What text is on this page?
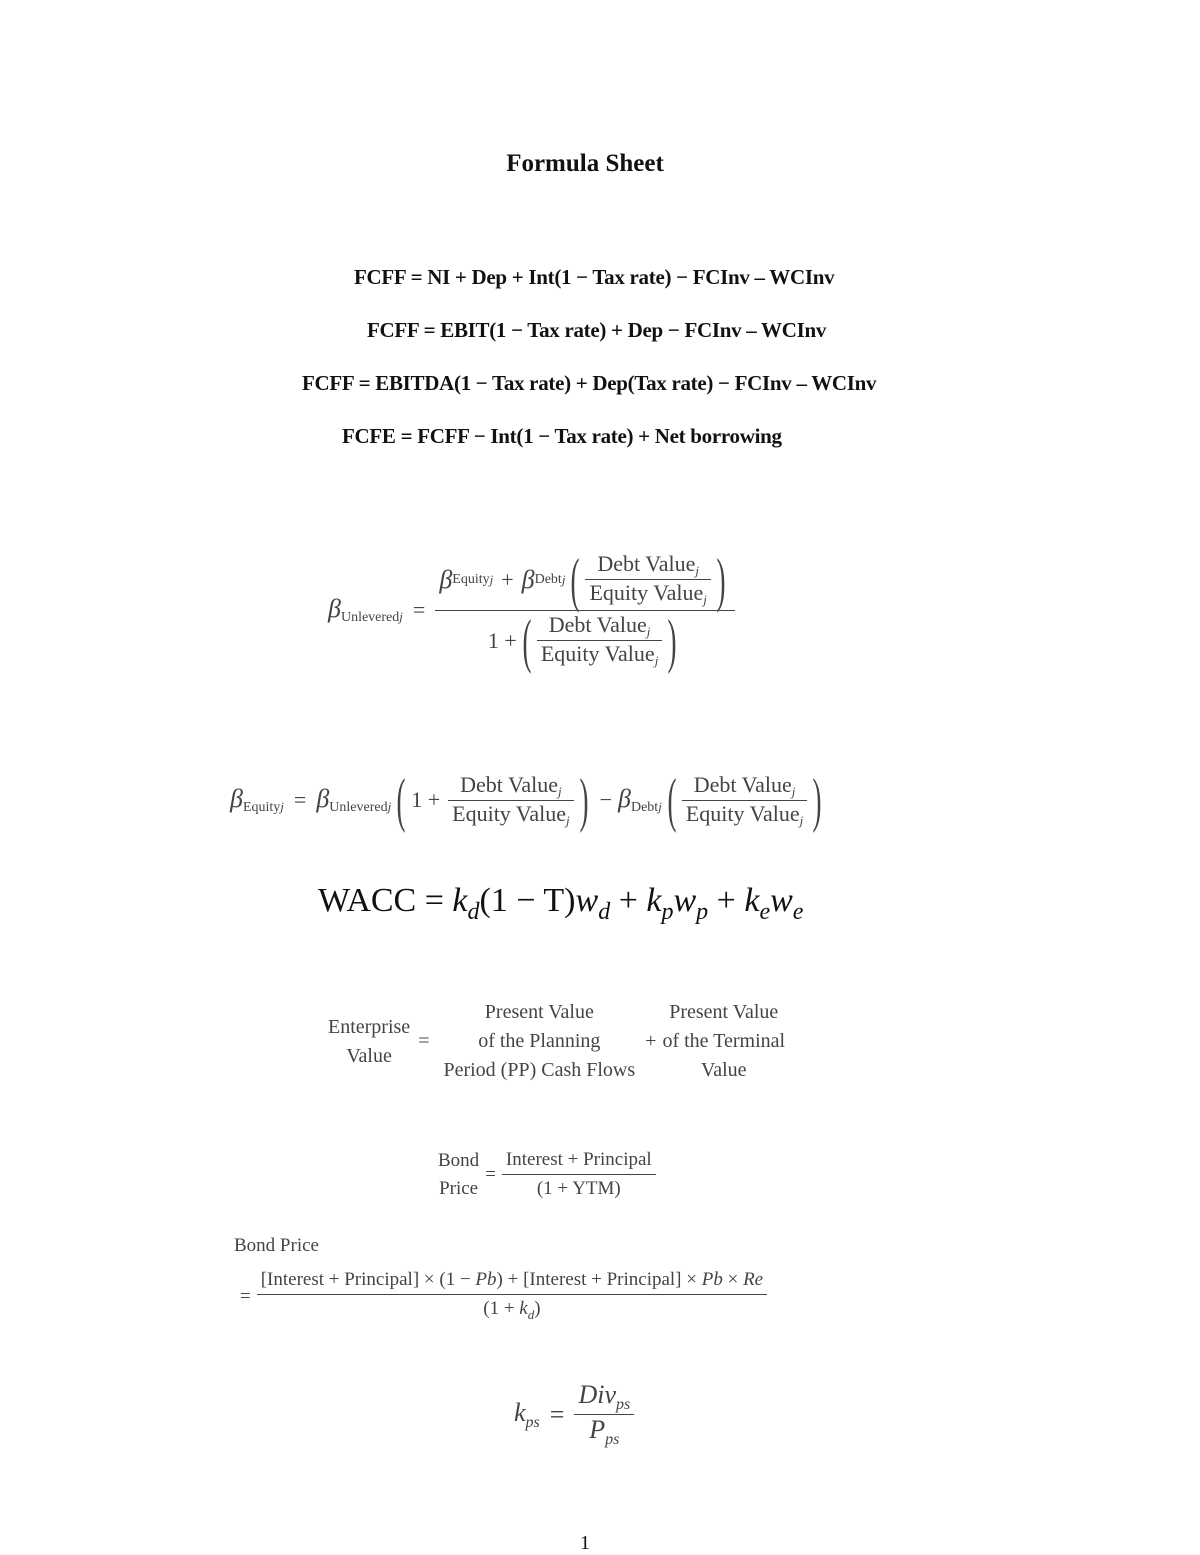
Formula Sheet
FCFF = NI + Dep + Int(1 − Tax rate) − FCInv – WCInv
FCFF = EBIT(1 − Tax rate) + Dep − FCInv – WCInv
FCFF = EBITDA(1 − Tax rate) + Dep(Tax rate) − FCInv – WCInv
FCFE = FCFF − Int(1 − Tax rate) + Net borrowing
βUnleveredj =
β Equity j + β Debt j ( $\frac{\text{Debt Valuej}}{\text{Equity Valuej}}$ )
1 + ( $\frac{\text{Debt Valuej}}{\text{Equity Valuej}}$ )
βEquityj = βUnleveredj ( $1 + \frac{\text{Debt Valuej}}{\text{Equity Valuej}}$ ) − βDebtj ( $\frac{\text{Debt Valuej}}{\text{Equity Valuej}}$ )
WACC = $k_d(1 - T)w_d + k_pw_p + k_ew_e$
Enterprise
Value
=
Present Value
of the Planning
Period (PP) Cash Flows
+
Present Value
of the Terminal
Value
Bond
Price
= $\frac{\text{Interest + Principal}}{\text{(1 + YTM)}}$
Bond Price
=
[Interest + Principal] × (1 − Pb) + [Interest + Principal] × Pb × Re
$(1 + k_d)$
$k_{ps} = \frac{Div_{ps}}{P_{ps}}$
1
